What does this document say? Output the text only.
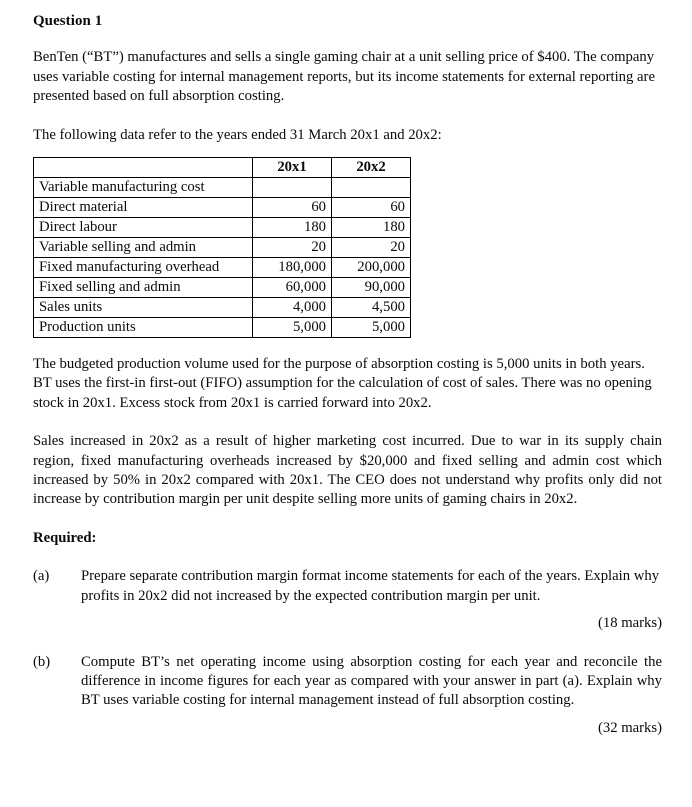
Question 1

BenTen (“BT”) manufactures and sells a single gaming chair at a unit selling price of $400. The company uses variable costing for internal management reports, but its income statements for external reporting are presented based on full absorption costing.

The following data refer to the years ended 31 March 20x1 and 20x2:

	20x1	20x2
Variable manufacturing cost		
Direct material	60	60
Direct labour	180	180
Variable selling and admin	20	20
Fixed manufacturing overhead	180,000	200,000
Fixed selling and admin	60,000	90,000
Sales units	4,000	4,500
Production units	5,000	5,000

The budgeted production volume used for the purpose of absorption costing is 5,000 units in both years. BT uses the first-in first-out (FIFO) assumption for the calculation of cost of sales. There was no opening stock in 20x1. Excess stock from 20x1 is carried forward into 20x2.

Sales increased in 20x2 as a result of higher marketing cost incurred. Due to war in its supply chain region, fixed manufacturing overheads increased by $20,000 and fixed selling and admin cost which increased by 50% in 20x2 compared with 20x1. The CEO does not understand why profits only did not increase by contribution margin per unit despite selling more units of gaming chairs in 20x2.

Required:

(a)	Prepare separate contribution margin format income statements for each of the years. Explain why profits in 20x2 did not increased by the expected contribution margin per unit.

(18 marks)

(b)	Compute BT’s net operating income using absorption costing for each year and reconcile the difference in income figures for each year as compared with your answer in part (a). Explain why BT uses variable costing for internal management instead of full absorption costing.

(32 marks)
